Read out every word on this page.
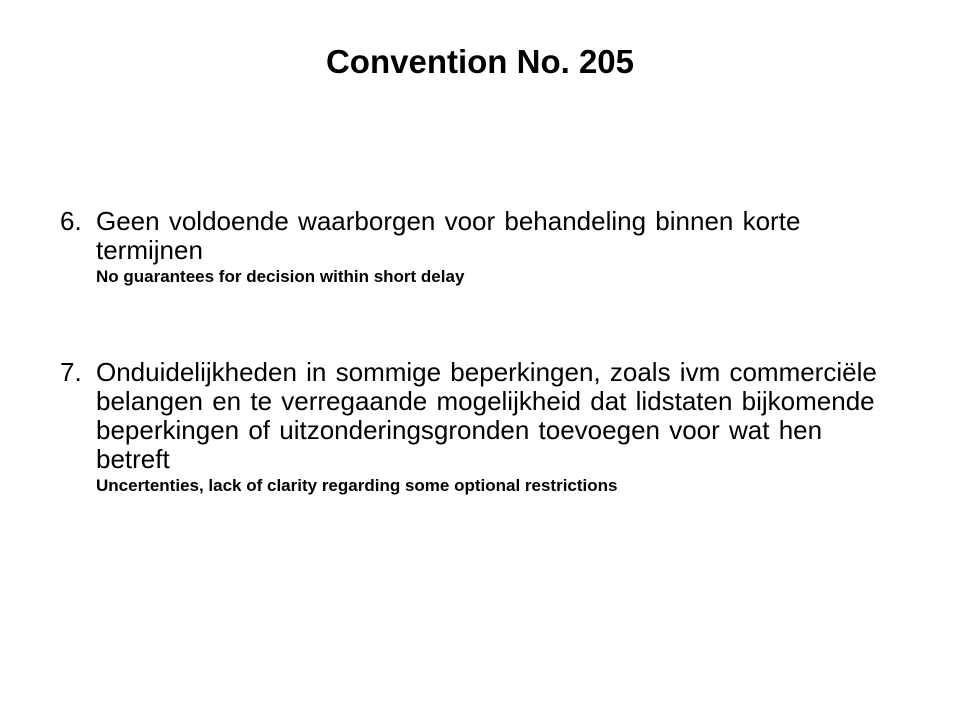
Convention No. 205
6. Geen voldoende waarborgen voor behandeling binnen korte termijnen
No guarantees for decision within short delay
7. Onduidelijkheden in sommige beperkingen, zoals ivm commerciële belangen en te verregaande mogelijkheid dat lidstaten bijkomende beperkingen of uitzonderingsgronden toevoegen voor wat hen betreft
Uncertenties, lack of clarity regarding some optional restrictions
